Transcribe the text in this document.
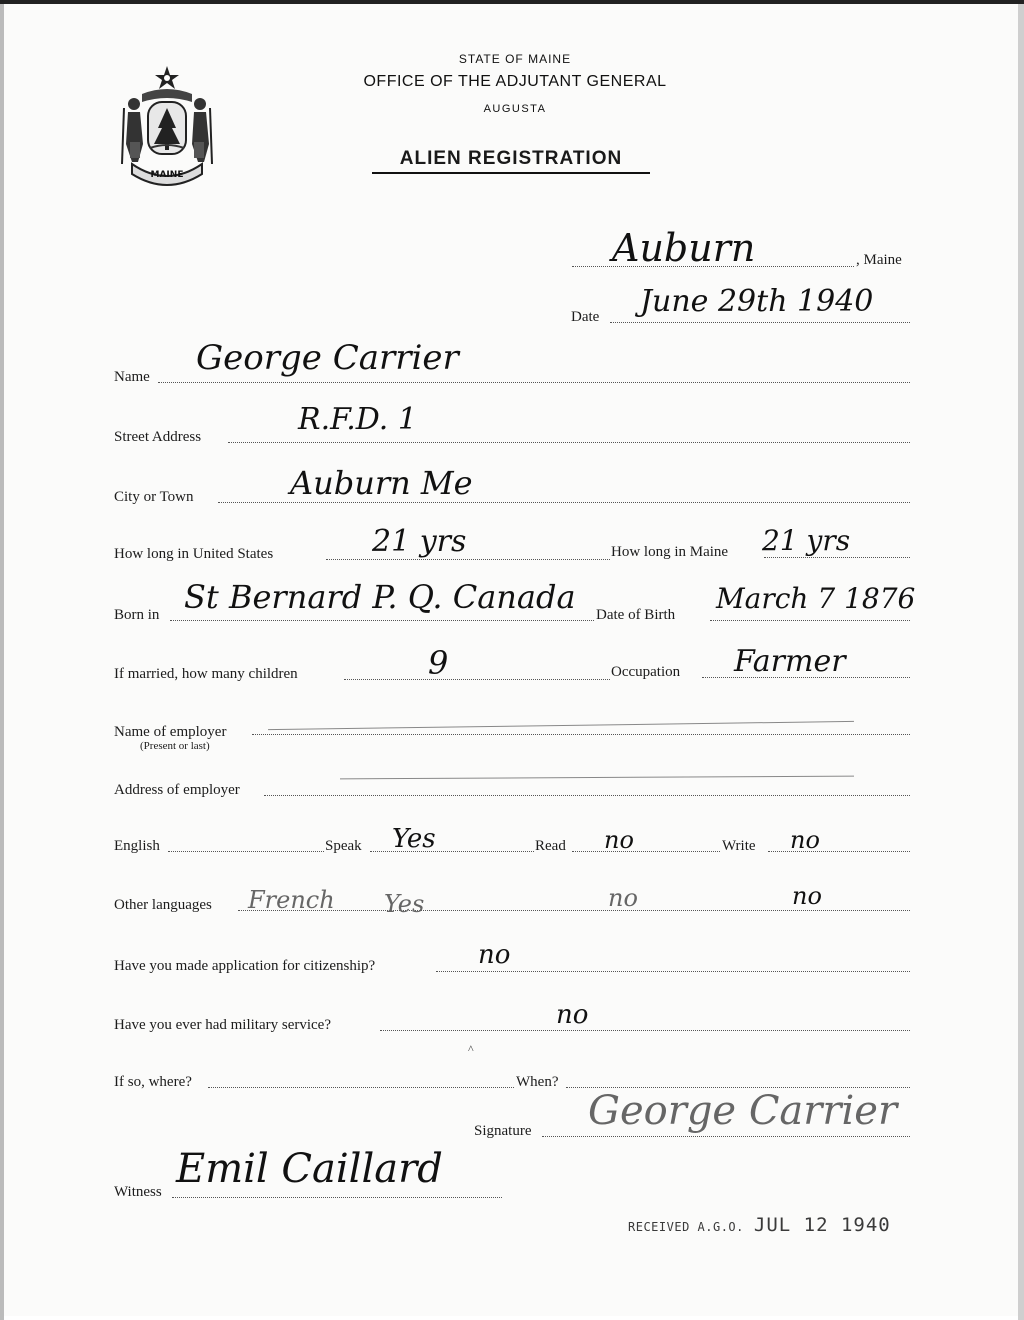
MAINE
STATE OF MAINE
OFFICE OF THE ADJUTANT GENERAL
AUGUSTA
ALIEN REGISTRATION
Auburn	, Maine
Date June 29th 1940
Name George Carrier
Street Address	R.F.D. 1
City or Town	Auburn Me
How long in United States	21 yrs	How long in Maine 21 yrs
Born in St Bernard P. Q. Canada Date of Birth March 7 1876
If married, how many children	9	Occupation Farmer
Name of employer
(Present or last)
Address of employer
English	Speak Yes	Read no	Write no
Other languages French Yes	no	no
Have you made application for citizenship?	no
Have you ever had military service?	no
^
If so, where?	When?
Signature George Carrier
Witness Emil Caillard
RECEIVED A.G.O. JUL 12 1940
